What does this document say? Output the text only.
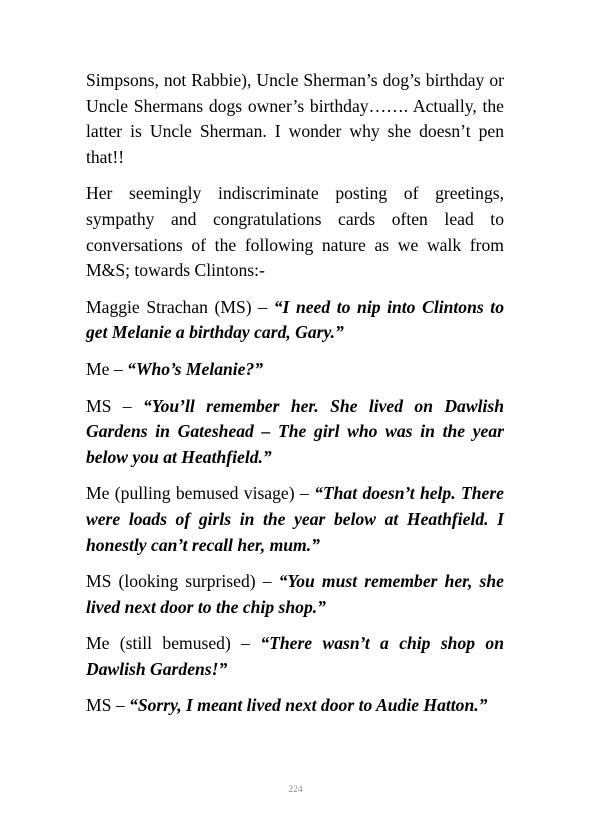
Simpsons, not Rabbie), Uncle Sherman’s dog’s birthday or Uncle Shermans dogs owner’s birthday……. Actually, the latter is Uncle Sherman. I wonder why she doesn’t pen that!!

Her seemingly indiscriminate posting of greetings, sympathy and congratulations cards often lead to conversations of the following nature as we walk from M&S; towards Clintons:-

Maggie Strachan (MS) – “I need to nip into Clintons to get Melanie a birthday card, Gary.”

Me – “Who’s Melanie?”

MS – “You’ll remember her. She lived on Dawlish Gardens in Gateshead – The girl who was in the year below you at Heathfield.”

Me (pulling bemused visage) – “That doesn’t help. There were loads of girls in the year below at Heathfield. I honestly can’t recall her, mum.”

MS (looking surprised) – “You must remember her, she lived next door to the chip shop.”

Me (still bemused) – “There wasn’t a chip shop on Dawlish Gardens!”

MS – “Sorry, I meant lived next door to Audie Hatton.”

224
